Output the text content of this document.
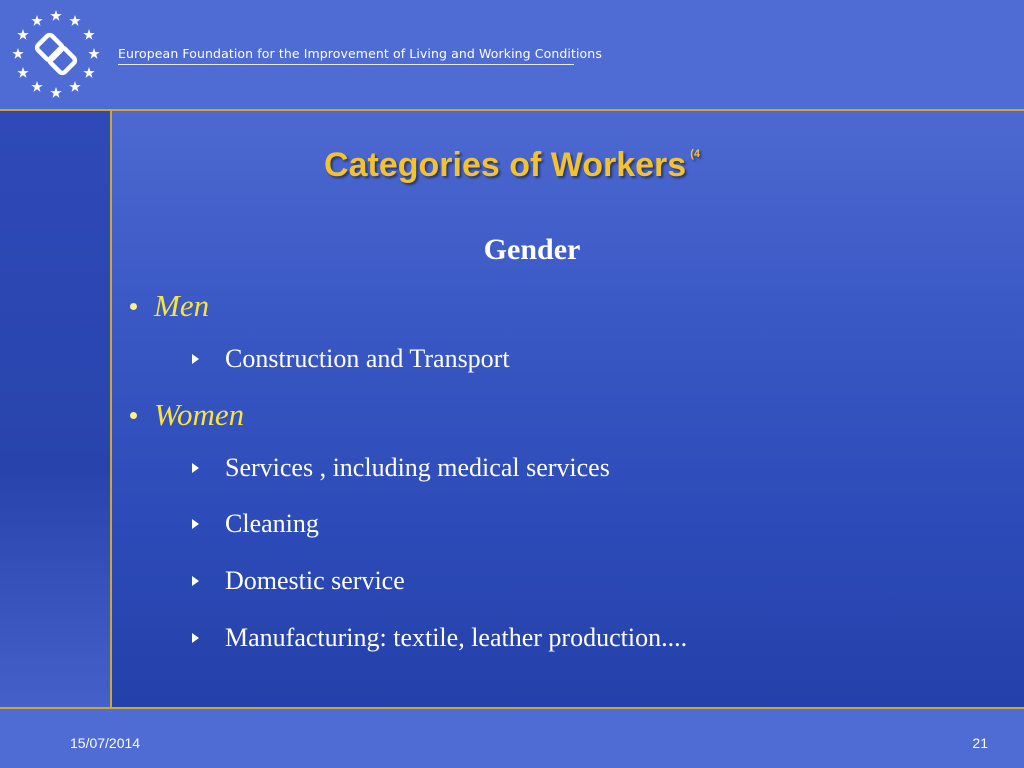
European Foundation for the Improvement of Living and Working Conditions
Categories of Workers $^{(4}$
Gender
Men
Construction and Transport
Women
Services , including medical services
Cleaning
Domestic service
Manufacturing: textile, leather production....
15/07/2014	21
